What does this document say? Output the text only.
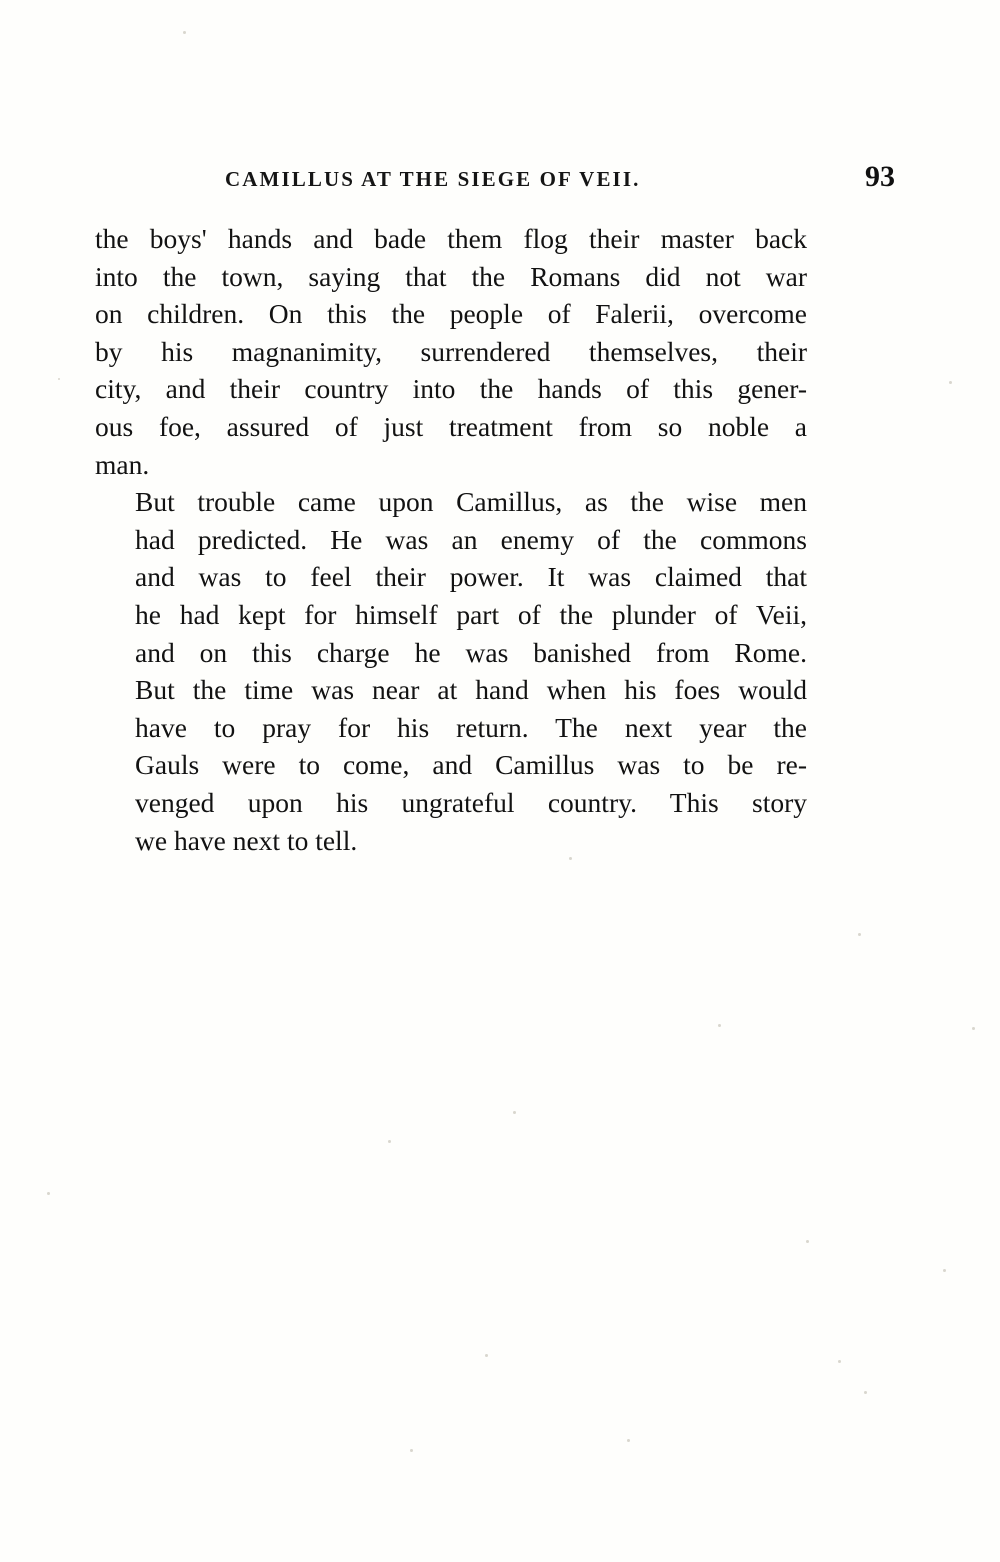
CAMILLUS AT THE SIEGE OF VEII.	93

the boys' hands and bade them flog their master back
into the town, saying that the Romans did not war
on children. On this the people of Falerii, overcome
by his magnanimity, surrendered themselves, their
city, and their country into the hands of this gener-
ous foe, assured of just treatment from so noble a
man.

But trouble came upon Camillus, as the wise men
had predicted. He was an enemy of the commons
and was to feel their power. It was claimed that
he had kept for himself part of the plunder of Veii,
and on this charge he was banished from Rome.
But the time was near at hand when his foes would
have to pray for his return. The next year the
Gauls were to come, and Camillus was to be re-
venged upon his ungrateful country. This story
we have next to tell.
